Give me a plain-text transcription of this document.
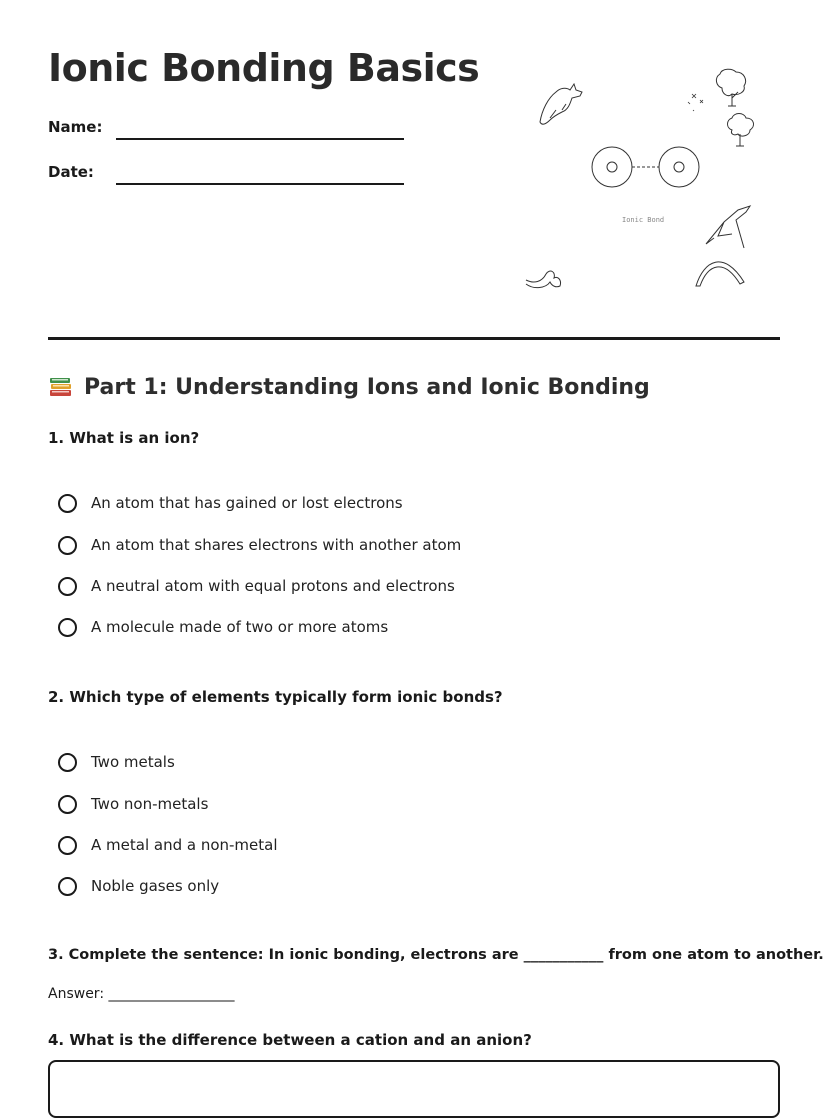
Ionic Bonding Basics
Name:
Date:
Ionic Bond
Part 1: Understanding Ions and Ionic Bonding

1. What is an ion?

An atom that has gained or lost electrons
An atom that shares electrons with another atom
A neutral atom with equal protons and electrons
A molecule made of two or more atoms

2. Which type of elements typically form ionic bonds?

Two metals
Two non-metals
A metal and a non-metal
Noble gases only

3. Complete the sentence: In ionic bonding, electrons are ___________ from one atom to another.

Answer: __________________

4. What is the difference between a cation and an anion?
